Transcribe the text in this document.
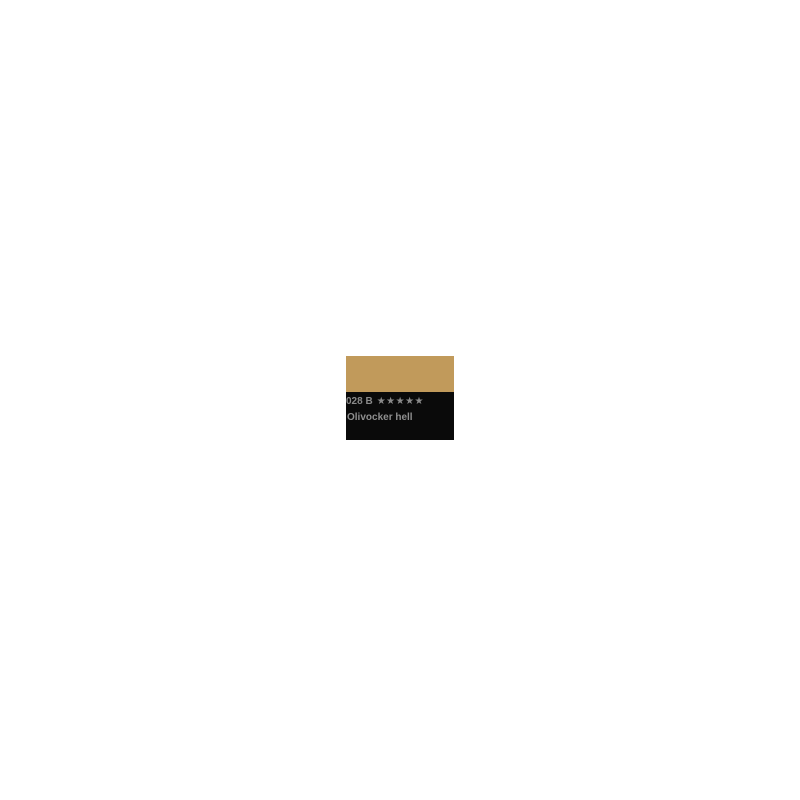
028 B ★★★★★
Olivocker hell
